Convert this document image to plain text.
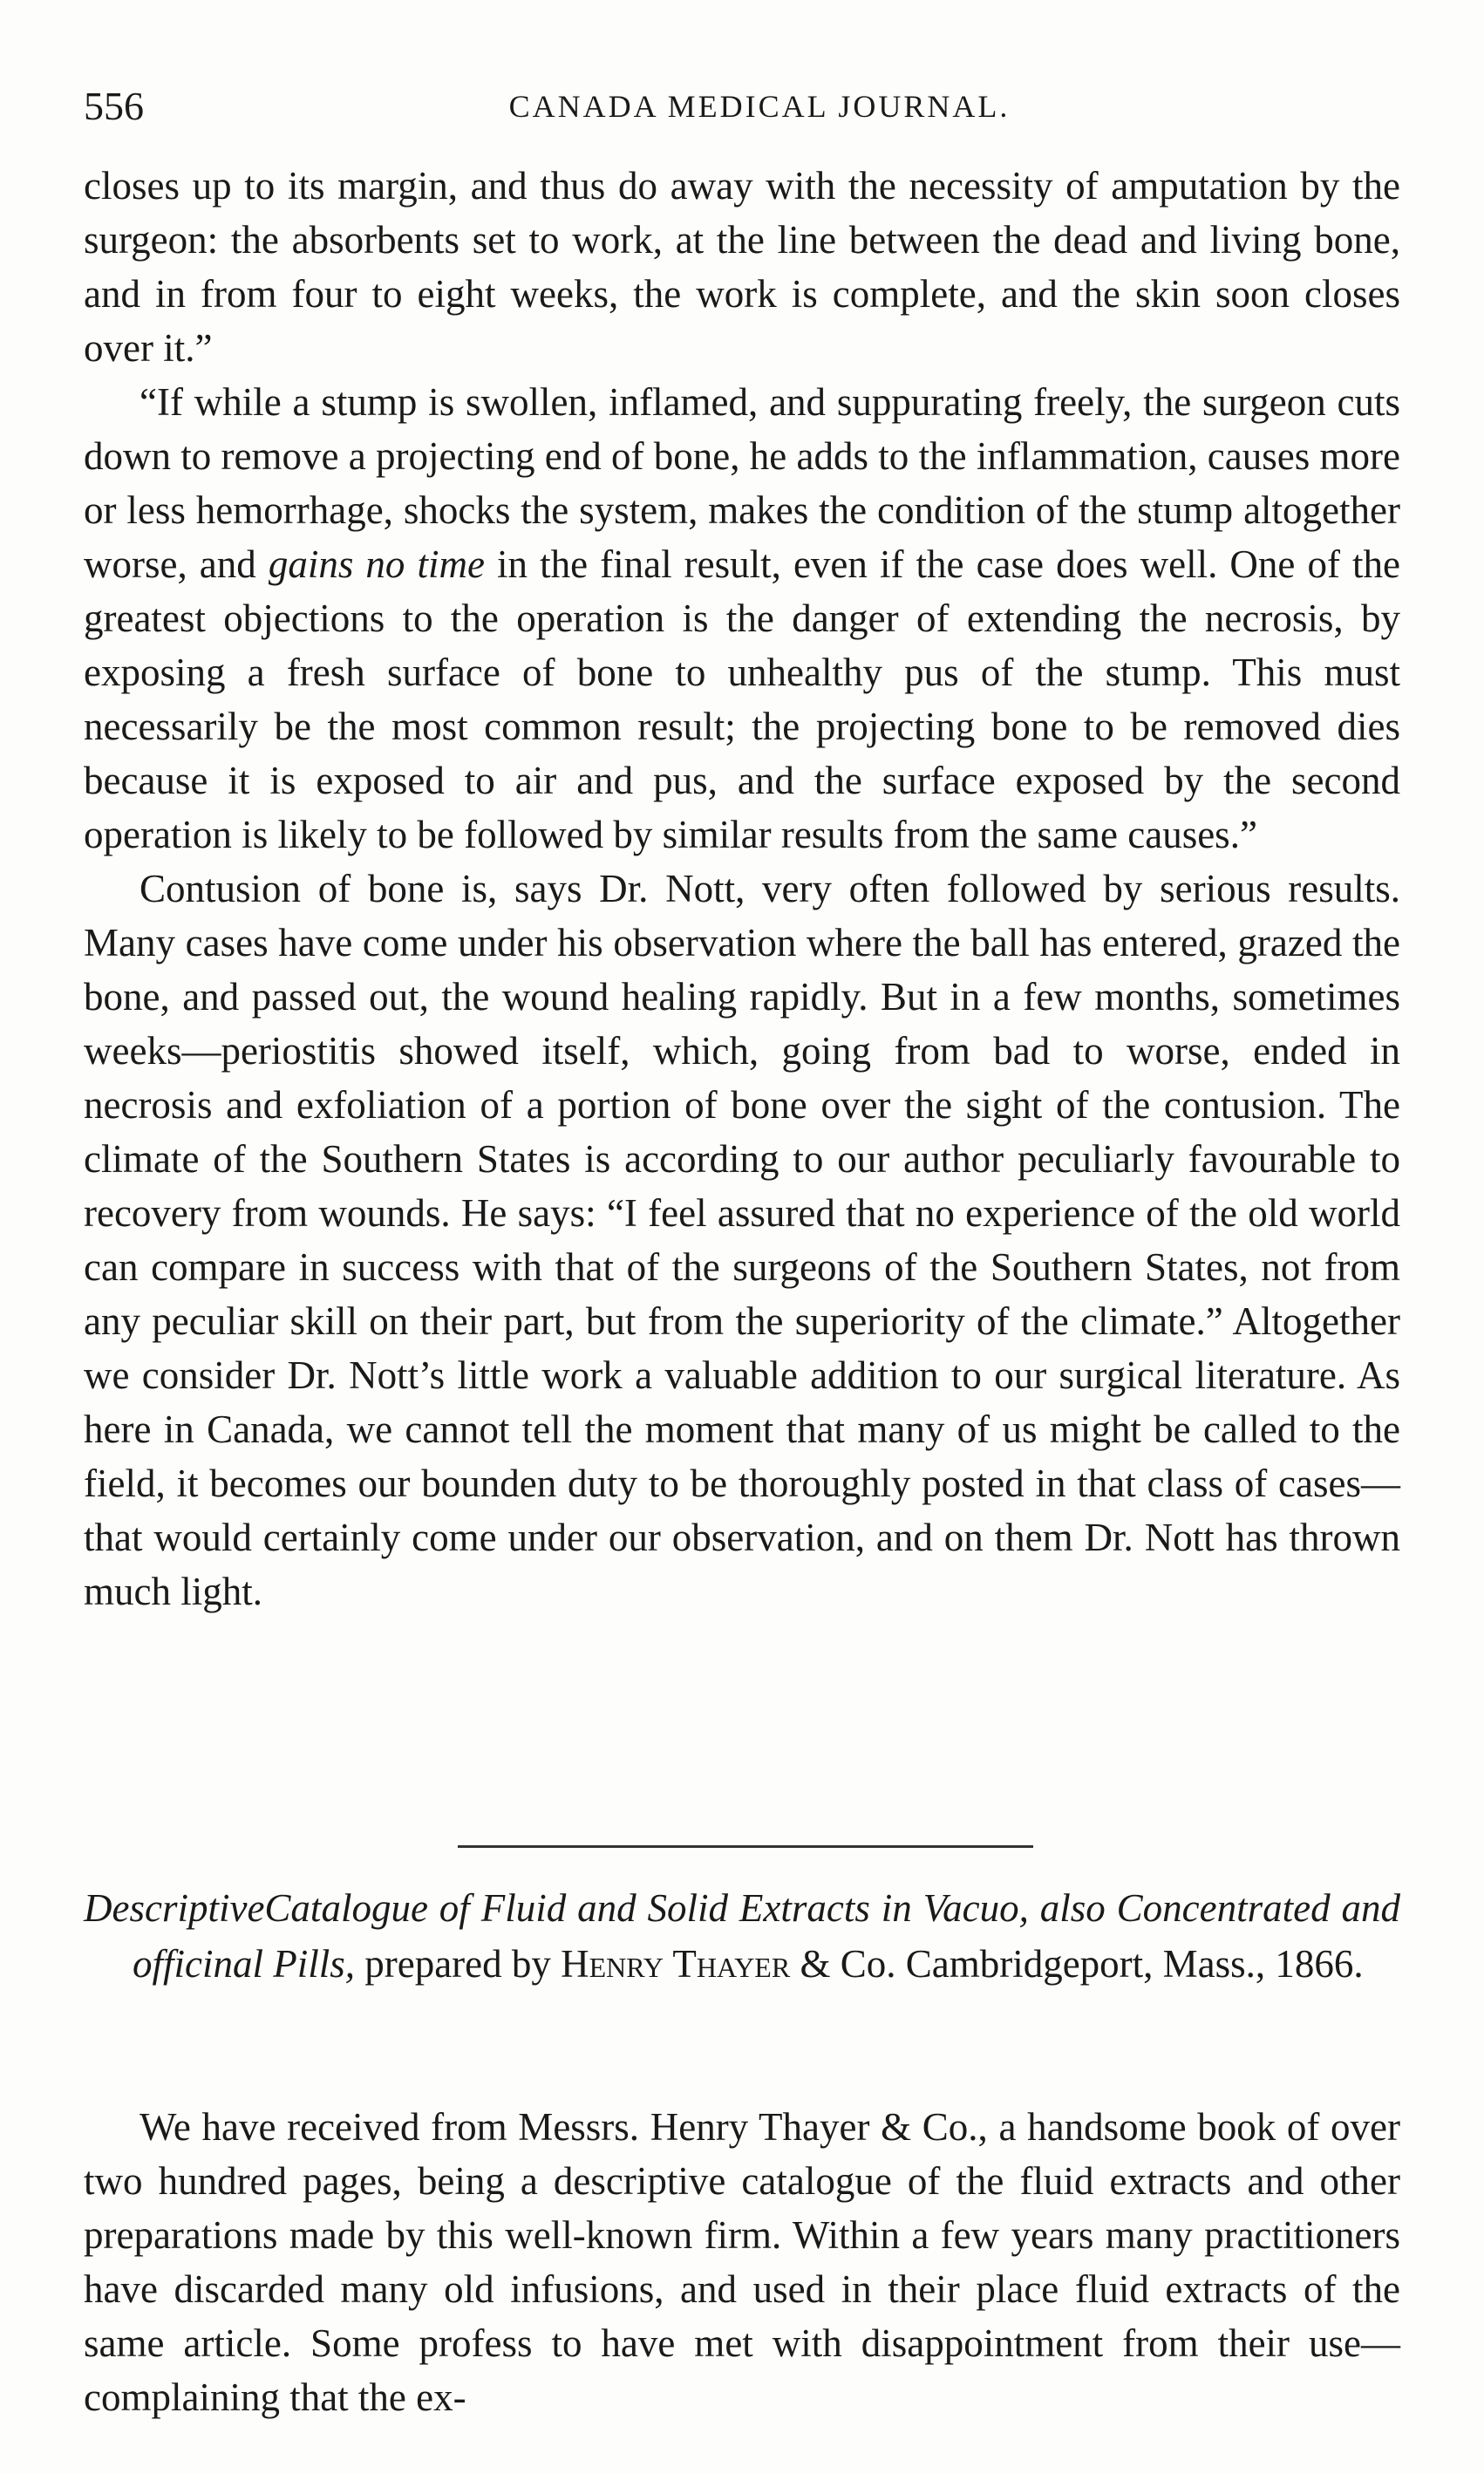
556	CANADA MEDICAL JOURNAL.

closes up to its margin, and thus do away with the necessity of amputation by the surgeon: the absorbents set to work, at the line between the dead and living bone, and in from four to eight weeks, the work is complete, and the skin soon closes over it.”

“If while a stump is swollen, inflamed, and suppurating freely, the surgeon cuts down to remove a projecting end of bone, he adds to the inflammation, causes more or less hemorrhage, shocks the system, makes the condition of the stump altogether worse, and gains no time in the final result, even if the case does well. One of the greatest objections to the operation is the danger of extending the necrosis, by exposing a fresh surface of bone to unhealthy pus of the stump. This must necessarily be the most common result; the projecting bone to be removed dies because it is exposed to air and pus, and the surface exposed by the second operation is likely to be followed by similar results from the same causes.”

Contusion of bone is, says Dr. Nott, very often followed by serious results. Many cases have come under his observation where the ball has entered, grazed the bone, and passed out, the wound healing rapidly. But in a few months, sometimes weeks—periostitis showed itself, which, going from bad to worse, ended in necrosis and exfoliation of a portion of bone over the sight of the contusion. The climate of the Southern States is according to our author peculiarly favourable to recovery from wounds. He says: “I feel assured that no experience of the old world can compare in success with that of the surgeons of the Southern States, not from any peculiar skill on their part, but from the superiority of the climate.” Altogether we consider Dr. Nott’s little work a valuable addition to our surgical literature. As here in Canada, we cannot tell the moment that many of us might be called to the field, it becomes our bounden duty to be thoroughly posted in that class of cases—that would certainly come under our observation, and on them Dr. Nott has thrown much light.

DescriptiveCatalogue of Fluid and Solid Extracts in Vacuo, also Concentrated and officinal Pills, prepared by Henry Thayer & Co. Cambridgeport, Mass., 1866.

We have received from Messrs. Henry Thayer & Co., a handsome book of over two hundred pages, being a descriptive catalogue of the fluid extracts and other preparations made by this well-known firm. Within a few years many practitioners have discarded many old infusions, and used in their place fluid extracts of the same article. Some profess to have met with disappointment from their use—complaining that the ex-
